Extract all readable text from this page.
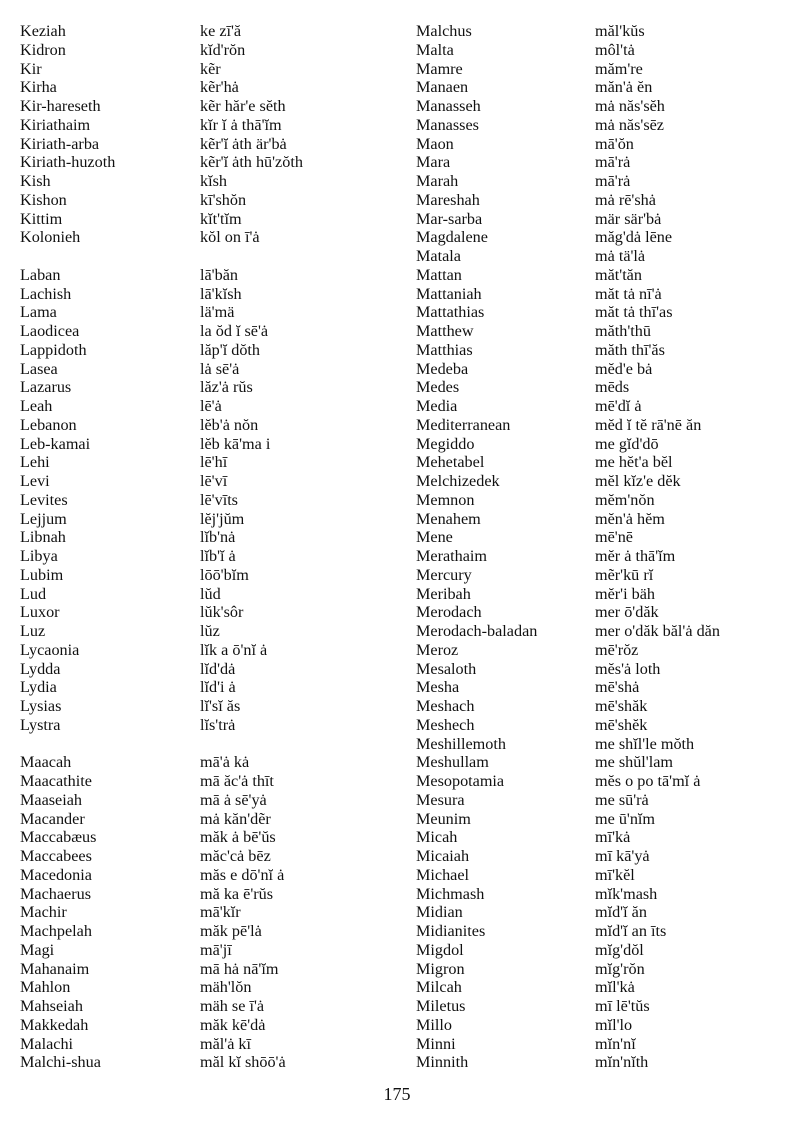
Keziah
Kidron
Kir
Kirha
Kir-hareseth
Kiriathaim
Kiriath-arba
Kiriath-huzoth
Kish
Kishon
Kittim
Kolonieh
Laban
Lachish
Lama
Laodicea
Lappidoth
Lasea
Lazarus
Leah
Lebanon
Leb-kamai
Lehi
Levi
Levites
Lejjum
Libnah
Libya
Lubim
Lud
Luxor
Luz
Lycaonia
Lydda
Lydia
Lysias
Lystra
Maacah
Maacathite
Maaseiah
Macander
Maccabæus
Maccabees
Macedonia
Machaerus
Machir
Machpelah
Magi
Mahanaim
Mahlon
Mahseiah
Makkedah
Malachi
Malchi-shua
ke zī'ă
kĭd'rŏn
kẽr
kẽr'hȧ
kẽr hăr'e sĕth
kĭr ĭ ȧ thā'ĭm
kẽr'ĭ ȧth är'bȧ
kẽr'ĭ ȧth hū'zŏth
kĭsh
kī'shŏn
kĭt'tĭm
kŏl on ī'ȧ
lā'băn
lā'kĭsh
lä'mä
la ŏd ĭ sē'ȧ
lăp'ĭ dŏth
lȧ sē'ȧ
lăz'ȧ rŭs
lē'ȧ
lĕb'ȧ nŏn
lĕb kā'ma i
lē'hī
lē'vī
lē'vīts
lĕj'jŭm
lĭb'nȧ
lĭb'ĭ ȧ
lōō'bĭm
lŭd
lŭk'sôr
lŭz
lĭk a ō'nĭ ȧ
lĭd'dȧ
lĭd'i ȧ
lĭ'sĭ ăs
lĭs'trȧ
mā'ȧ kȧ
mā ăc'ȧ thīt
mā ȧ sē'yȧ
mȧ kăn'dẽr
măk ȧ bē'ŭs
măc'cȧ bēz
măs e dō'nĭ ȧ
mă ka ē'rŭs
mā'kĭr
măk pē'lȧ
mā'jī
mā hȧ nā'ĭm
mäh'lŏn
mäh se ī'ȧ
măk kē'dȧ
măl'ȧ kī
măl kĭ shōō'ȧ
Malchus
Malta
Mamre
Manaen
Manasseh
Manasses
Maon
Mara
Marah
Mareshah
Mar-sarba
Magdalene
Matala
Mattan
Mattaniah
Mattathias
Matthew
Matthias
Medeba
Medes
Media
Mediterranean
Megiddo
Mehetabel
Melchizedek
Memnon
Menahem
Mene
Merathaim
Mercury
Meribah
Merodach
Merodach-baladan
Meroz
Mesaloth
Mesha
Meshach
Meshech
Meshillemoth
Meshullam
Mesopotamia
Mesura
Meunim
Micah
Micaiah
Michael
Michmash
Midian
Midianites
Migdol
Migron
Milcah
Miletus
Millo
Minni
Minnith
măl'kŭs
môl'tȧ
măm're
măn'ȧ ĕn
mȧ năs'sĕh
mȧ năs'sēz
mā'ŏn
mā'rȧ
mā'rȧ
mȧ rē'shȧ
mär sär'bȧ
măg'dȧ lēne
mȧ tä'lȧ
măt'tăn
măt tȧ nī'ȧ
măt tȧ thī'as
măth'thū
măth thī'ăs
mĕd'e bȧ
mēds
mē'dĭ ȧ
mĕd ĭ tĕ rā'nē ăn
me gĭd'dō
me hĕt'a bĕl
mĕl kĭz'e dĕk
mĕm'nŏn
mĕn'ȧ hĕm
mē'nē
mĕr ȧ thā'ĭm
mẽr'kū rĭ
mĕr'i bäh
mer ō'dăk
mer o'dăk băl'ȧ dăn
mē'rŏz
mĕs'ȧ loth
mē'shȧ
mē'shăk
mē'shĕk
me shĭl'le mŏth
me shŭl'lam
mĕs o po tā'mĭ ȧ
me sū'rȧ
me ū'nĭm
mī'kȧ
mī kā'yȧ
mī'kĕl
mĭk'mash
mĭd'ĭ ăn
mĭd'ĭ an īts
mĭg'dŏl
mĭg'rŏn
mĭl'kȧ
mī lē'tŭs
mĭl'lo
mĭn'nĭ
mĭn'nĭth
175
